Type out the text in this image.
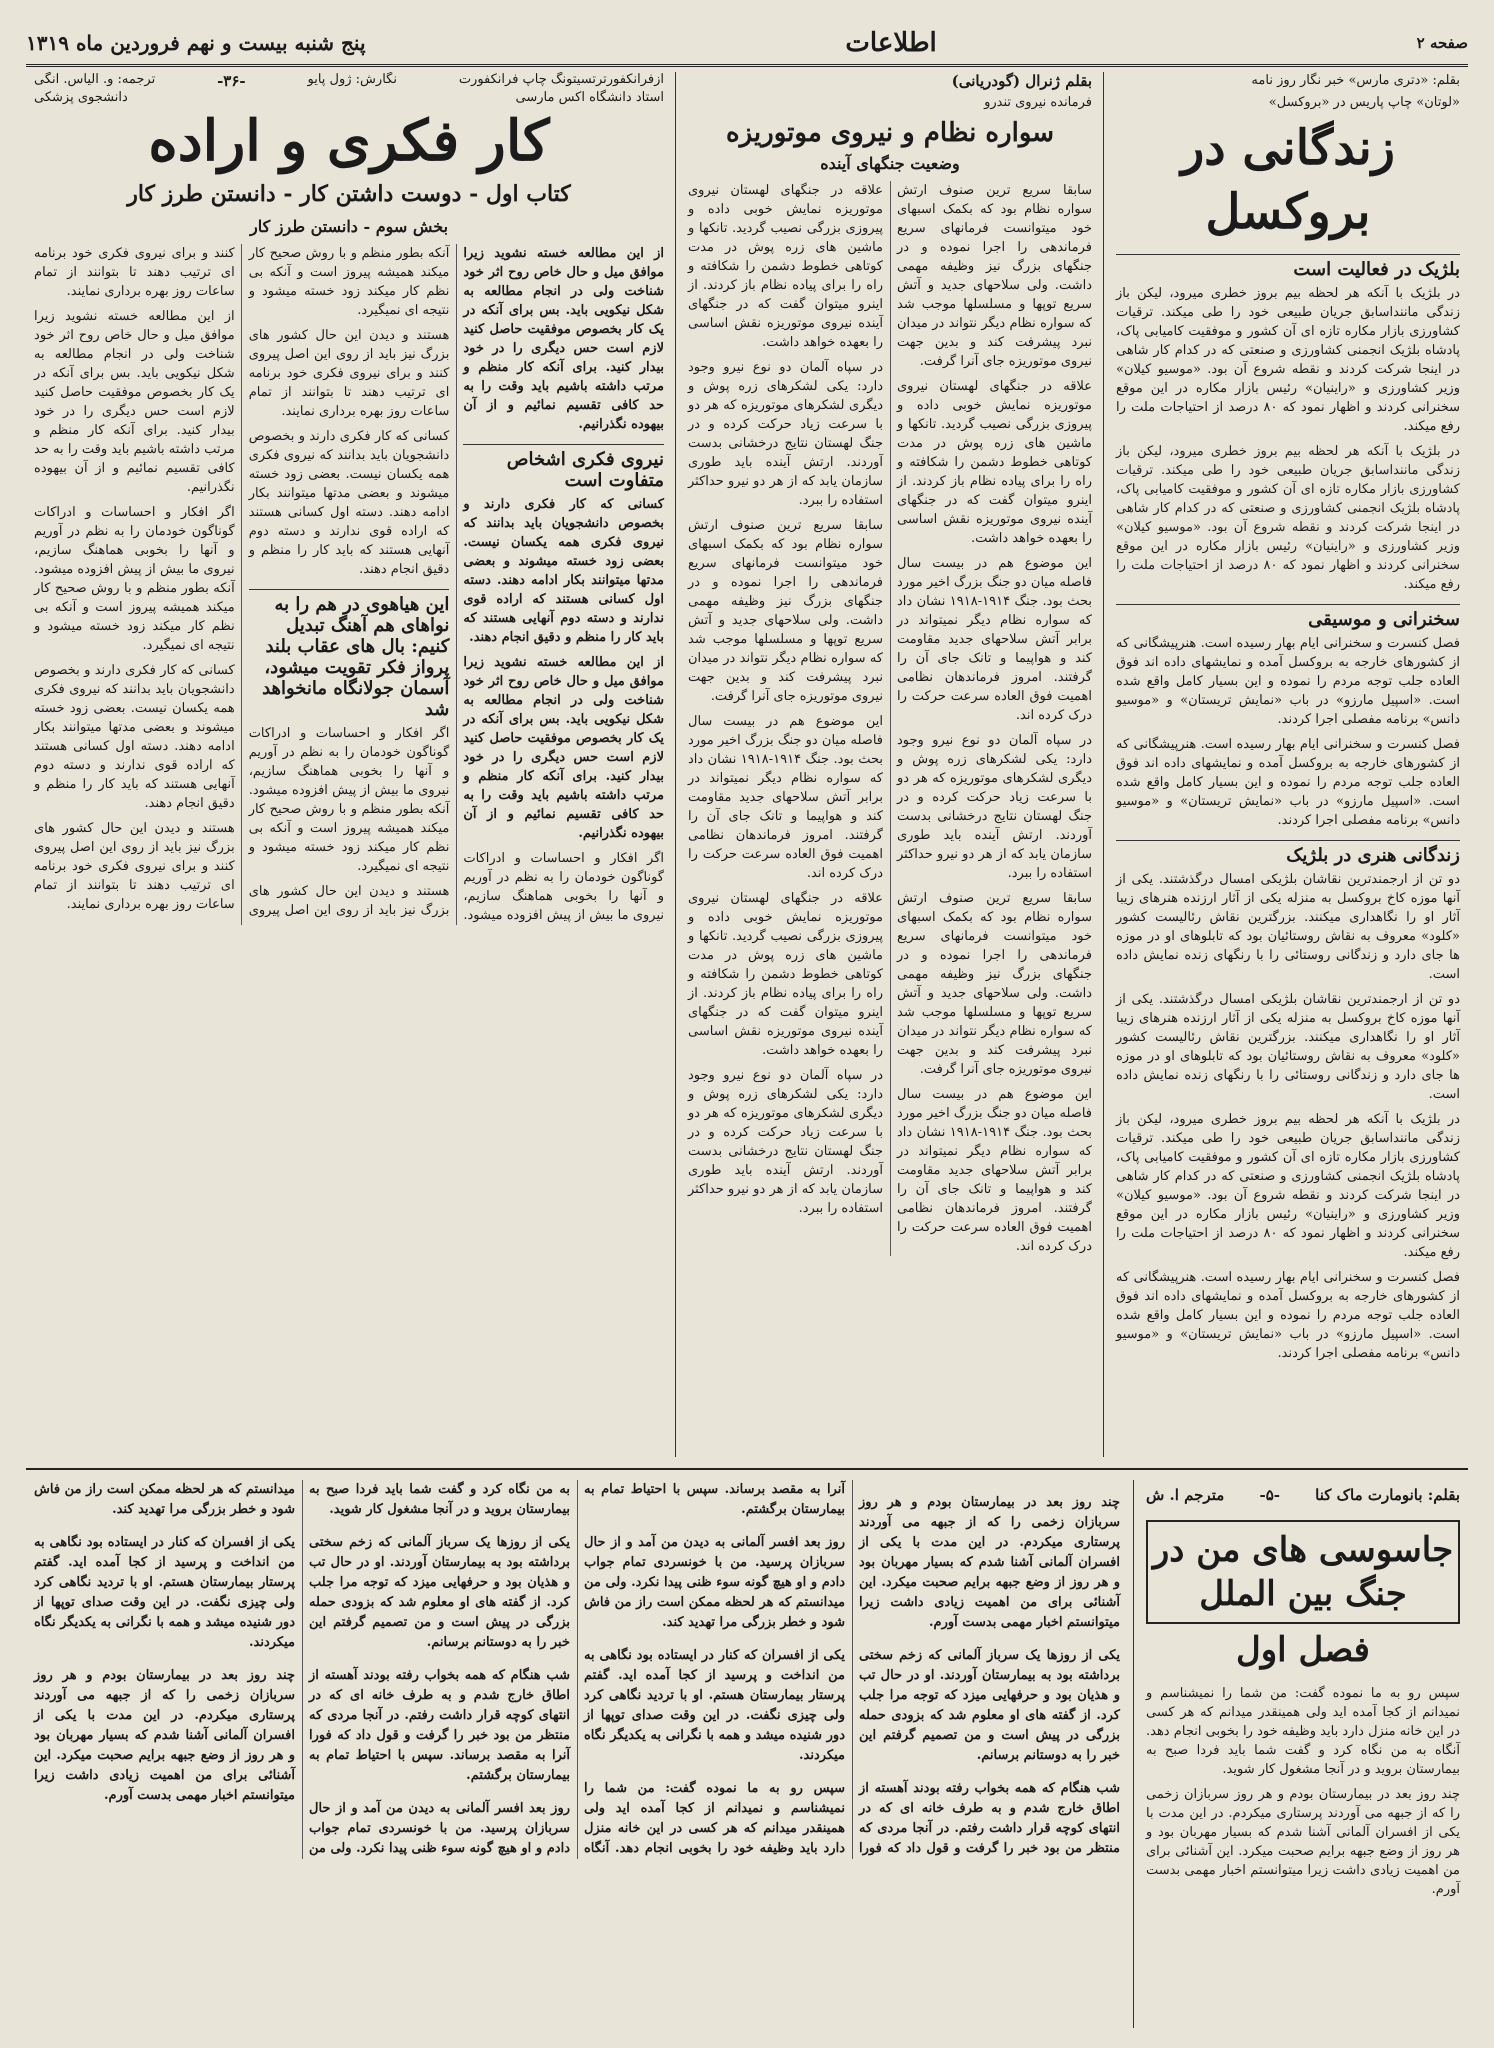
صفحه ۲
اطلاعات
پنج شنبه بیست و نهم فروردین ماه ۱۳۱۹
بقلم: «دتری مارس» خبر نگار روز نامه
«لوتان» چاپ پاریس در «بروکسل»
زندگانی در بروکسل
بلژیک در فعالیت است

در بلژیک با آنکه هر لحظه بیم بروز خطری میرود، لیکن باز زندگی ماننداسابق جریان طبیعی خود را طی میکند. ترقیات کشاورزی بازار مکاره تازه ای آن کشور و موفقیت کامیابی پاک، پادشاه بلژیک انجمنی کشاورزی و صنعتی که در کدام کار شاهی در اینجا شرکت کردند و نقطه شروع آن بود. «موسیو کیلان» وزیر کشاورزی و «راینیان» رئیس بازار مکاره در این موقع سخنرانی کردند و اظهار نمود که ۸۰ درصد از احتیاجات ملت را رفع میکند.

در بلژیک با آنکه هر لحظه بیم بروز خطری میرود، لیکن باز زندگی ماننداسابق جریان طبیعی خود را طی میکند. ترقیات کشاورزی بازار مکاره تازه ای آن کشور و موفقیت کامیابی پاک، پادشاه بلژیک انجمنی کشاورزی و صنعتی که در کدام کار شاهی در اینجا شرکت کردند و نقطه شروع آن بود. «موسیو کیلان» وزیر کشاورزی و «راینیان» رئیس بازار مکاره در این موقع سخنرانی کردند و اظهار نمود که ۸۰ درصد از احتیاجات ملت را رفع میکند.

سخنرانی و موسیقی

فصل کنسرت و سخنرانی ایام بهار رسیده است. هنرپیشگانی که از کشورهای خارجه به بروکسل آمده و نمایشهای داده اند فوق العاده جلب توجه مردم را نموده و این بسیار کامل واقع شده است. «اسپیل مارزو» در باب «نمایش تریستان» و «موسیو دانس» برنامه مفصلی اجرا کردند.

فصل کنسرت و سخنرانی ایام بهار رسیده است. هنرپیشگانی که از کشورهای خارجه به بروکسل آمده و نمایشهای داده اند فوق العاده جلب توجه مردم را نموده و این بسیار کامل واقع شده است. «اسپیل مارزو» در باب «نمایش تریستان» و «موسیو دانس» برنامه مفصلی اجرا کردند.

زندگانی هنری در بلژیک

دو تن از ارجمندترین نقاشان بلژیکی امسال درگذشتند. یکی از آنها موزه کاخ بروکسل به منزله یکی از آثار ارزنده هنرهای زیبا آثار او را نگاهداری میکنند. بزرگترین نقاش رئالیست کشور «کلود» معروف به نقاش روستائیان بود که تابلوهای او در موزه ها جای دارد و زندگانی روستائی را با رنگهای زنده نمایش داده است.

دو تن از ارجمندترین نقاشان بلژیکی امسال درگذشتند. یکی از آنها موزه کاخ بروکسل به منزله یکی از آثار ارزنده هنرهای زیبا آثار او را نگاهداری میکنند. بزرگترین نقاش رئالیست کشور «کلود» معروف به نقاش روستائیان بود که تابلوهای او در موزه ها جای دارد و زندگانی روستائی را با رنگهای زنده نمایش داده است.

در بلژیک با آنکه هر لحظه بیم بروز خطری میرود، لیکن باز زندگی ماننداسابق جریان طبیعی خود را طی میکند. ترقیات کشاورزی بازار مکاره تازه ای آن کشور و موفقیت کامیابی پاک، پادشاه بلژیک انجمنی کشاورزی و صنعتی که در کدام کار شاهی در اینجا شرکت کردند و نقطه شروع آن بود. «موسیو کیلان» وزیر کشاورزی و «راینیان» رئیس بازار مکاره در این موقع سخنرانی کردند و اظهار نمود که ۸۰ درصد از احتیاجات ملت را رفع میکند.

فصل کنسرت و سخنرانی ایام بهار رسیده است. هنرپیشگانی که از کشورهای خارجه به بروکسل آمده و نمایشهای داده اند فوق العاده جلب توجه مردم را نموده و این بسیار کامل واقع شده است. «اسپیل مارزو» در باب «نمایش تریستان» و «موسیو دانس» برنامه مفصلی اجرا کردند.

بقلم ژنرال (گودریانی)
فرمانده نیروی تندرو
سواره نظام و نیروی موتوریزه
وضعیت جنگهای آینده

سابقا سریع ترین صنوف ارتش سواره نظام بود که بکمک اسبهای خود میتوانست فرمانهای سریع فرماندهی را اجرا نموده و در جنگهای بزرگ نیز وظیفه مهمی داشت. ولی سلاحهای جدید و آتش سریع توپها و مسلسلها موجب شد که سواره نظام دیگر نتواند در میدان نبرد پیشرفت کند و بدین جهت نیروی موتوریزه جای آنرا گرفت.

علاقه در جنگهای لهستان نیروی موتوریزه نمایش خوبی داده و پیروزی بزرگی نصیب گردید. تانکها و ماشین های زره پوش در مدت کوتاهی خطوط دشمن را شکافته و راه را برای پیاده نظام باز کردند. از اینرو میتوان گفت که در جنگهای آینده نیروی موتوریزه نقش اساسی را بعهده خواهد داشت.

این موضوع هم در بیست سال فاصله میان دو جنگ بزرگ اخیر مورد بحث بود. جنگ ۱۹۱۴-۱۹۱۸ نشان داد که سواره نظام دیگر نمیتواند در برابر آتش سلاحهای جدید مقاومت کند و هواپیما و تانک جای آن را گرفتند. امروز فرماندهان نظامی اهمیت فوق العاده سرعت حرکت را درک کرده اند.

در سپاه آلمان دو نوع نیرو وجود دارد: یکی لشکرهای زره پوش و دیگری لشکرهای موتوریزه که هر دو با سرعت زیاد حرکت کرده و در جنگ لهستان نتایج درخشانی بدست آوردند. ارتش آینده باید طوری سازمان یابد که از هر دو نیرو حداکثر استفاده را ببرد.

سابقا سریع ترین صنوف ارتش سواره نظام بود که بکمک اسبهای خود میتوانست فرمانهای سریع فرماندهی را اجرا نموده و در جنگهای بزرگ نیز وظیفه مهمی داشت. ولی سلاحهای جدید و آتش سریع توپها و مسلسلها موجب شد که سواره نظام دیگر نتواند در میدان نبرد پیشرفت کند و بدین جهت نیروی موتوریزه جای آنرا گرفت.

این موضوع هم در بیست سال فاصله میان دو جنگ بزرگ اخیر مورد بحث بود. جنگ ۱۹۱۴-۱۹۱۸ نشان داد که سواره نظام دیگر نمیتواند در برابر آتش سلاحهای جدید مقاومت کند و هواپیما و تانک جای آن را گرفتند. امروز فرماندهان نظامی اهمیت فوق العاده سرعت حرکت را درک کرده اند.

علاقه در جنگهای لهستان نیروی موتوریزه نمایش خوبی داده و پیروزی بزرگی نصیب گردید. تانکها و ماشین های زره پوش در مدت کوتاهی خطوط دشمن را شکافته و راه را برای پیاده نظام باز کردند. از اینرو میتوان گفت که در جنگهای آینده نیروی موتوریزه نقش اساسی را بعهده خواهد داشت.

در سپاه آلمان دو نوع نیرو وجود دارد: یکی لشکرهای زره پوش و دیگری لشکرهای موتوریزه که هر دو با سرعت زیاد حرکت کرده و در جنگ لهستان نتایج درخشانی بدست آوردند. ارتش آینده باید طوری سازمان یابد که از هر دو نیرو حداکثر استفاده را ببرد.

سابقا سریع ترین صنوف ارتش سواره نظام بود که بکمک اسبهای خود میتوانست فرمانهای سریع فرماندهی را اجرا نموده و در جنگهای بزرگ نیز وظیفه مهمی داشت. ولی سلاحهای جدید و آتش سریع توپها و مسلسلها موجب شد که سواره نظام دیگر نتواند در میدان نبرد پیشرفت کند و بدین جهت نیروی موتوریزه جای آنرا گرفت.

این موضوع هم در بیست سال فاصله میان دو جنگ بزرگ اخیر مورد بحث بود. جنگ ۱۹۱۴-۱۹۱۸ نشان داد که سواره نظام دیگر نمیتواند در برابر آتش سلاحهای جدید مقاومت کند و هواپیما و تانک جای آن را گرفتند. امروز فرماندهان نظامی اهمیت فوق العاده سرعت حرکت را درک کرده اند.

علاقه در جنگهای لهستان نیروی موتوریزه نمایش خوبی داده و پیروزی بزرگی نصیب گردید. تانکها و ماشین های زره پوش در مدت کوتاهی خطوط دشمن را شکافته و راه را برای پیاده نظام باز کردند. از اینرو میتوان گفت که در جنگهای آینده نیروی موتوریزه نقش اساسی را بعهده خواهد داشت.

در سپاه آلمان دو نوع نیرو وجود دارد: یکی لشکرهای زره پوش و دیگری لشکرهای موتوریزه که هر دو با سرعت زیاد حرکت کرده و در جنگ لهستان نتایج درخشانی بدست آوردند. ارتش آینده باید طوری سازمان یابد که از هر دو نیرو حداکثر استفاده را ببرد.

ازفرانکفورترتسیتونگ چاپ فرانکفورت
نگارش: ژول پایو
-۳۶-
ترجمه: و. الیاس. انگی
استاد دانشگاه اکس مارسی
دانشجوی پزشکی
کار فکری و اراده
کتاب اول - دوست داشتن کار - دانستن طرز کار
بخش سوم - دانستن طرز کار

از این مطالعه خسته نشوید زیرا موافق میل و حال خاص روح اثر خود شناخت ولی در انجام مطالعه به شکل نیکویی باید. بس برای آنکه در یک کار بخصوص موفقیت حاصل کنید لازم است حس دیگری را در خود بیدار کنید. برای آنکه کار منظم و مرتب داشته باشیم باید وقت را به حد کافی تقسیم نمائیم و از آن بیهوده نگذرانیم.

نیروی فکری اشخاص متفاوت است

کسانی که کار فکری دارند و بخصوص دانشجویان باید بدانند که نیروی فکری همه یکسان نیست. بعضی زود خسته میشوند و بعضی مدتها میتوانند بکار ادامه دهند. دسته اول کسانی هستند که اراده قوی ندارند و دسته دوم آنهایی هستند که باید کار را منظم و دقیق انجام دهند.

از این مطالعه خسته نشوید زیرا موافق میل و حال خاص روح اثر خود شناخت ولی در انجام مطالعه به شکل نیکویی باید. بس برای آنکه در یک کار بخصوص موفقیت حاصل کنید لازم است حس دیگری را در خود بیدار کنید. برای آنکه کار منظم و مرتب داشته باشیم باید وقت را به حد کافی تقسیم نمائیم و از آن بیهوده نگذرانیم.

اگر افکار و احساسات و ادراکات گوناگون خودمان را به نظم در آوریم و آنها را بخوبی هماهنگ سازیم، نیروی ما بیش از پیش افزوده میشود. آنکه بطور منظم و با روش صحیح کار میکند همیشه پیروز است و آنکه بی نظم کار میکند زود خسته میشود و نتیجه ای نمیگیرد.

هستند و دیدن این حال کشور های بزرگ نیز باید از روی این اصل پیروی کنند و برای نیروی فکری خود برنامه ای ترتیب دهند تا بتوانند از تمام ساعات روز بهره برداری نمایند.

کسانی که کار فکری دارند و بخصوص دانشجویان باید بدانند که نیروی فکری همه یکسان نیست. بعضی زود خسته میشوند و بعضی مدتها میتوانند بکار ادامه دهند. دسته اول کسانی هستند که اراده قوی ندارند و دسته دوم آنهایی هستند که باید کار را منظم و دقیق انجام دهند.

این هیاهوی در هم را به نواهای هم آهنگ تبدیل کنیم: بال های عقاب بلند پرواز فکر تقویت میشود، آسمان جولانگاه مانخواهد شد

اگر افکار و احساسات و ادراکات گوناگون خودمان را به نظم در آوریم و آنها را بخوبی هماهنگ سازیم، نیروی ما بیش از پیش افزوده میشود. آنکه بطور منظم و با روش صحیح کار میکند همیشه پیروز است و آنکه بی نظم کار میکند زود خسته میشود و نتیجه ای نمیگیرد.

هستند و دیدن این حال کشور های بزرگ نیز باید از روی این اصل پیروی کنند و برای نیروی فکری خود برنامه ای ترتیب دهند تا بتوانند از تمام ساعات روز بهره برداری نمایند.

از این مطالعه خسته نشوید زیرا موافق میل و حال خاص روح اثر خود شناخت ولی در انجام مطالعه به شکل نیکویی باید. بس برای آنکه در یک کار بخصوص موفقیت حاصل کنید لازم است حس دیگری را در خود بیدار کنید. برای آنکه کار منظم و مرتب داشته باشیم باید وقت را به حد کافی تقسیم نمائیم و از آن بیهوده نگذرانیم.

اگر افکار و احساسات و ادراکات گوناگون خودمان را به نظم در آوریم و آنها را بخوبی هماهنگ سازیم، نیروی ما بیش از پیش افزوده میشود. آنکه بطور منظم و با روش صحیح کار میکند همیشه پیروز است و آنکه بی نظم کار میکند زود خسته میشود و نتیجه ای نمیگیرد.

کسانی که کار فکری دارند و بخصوص دانشجویان باید بدانند که نیروی فکری همه یکسان نیست. بعضی زود خسته میشوند و بعضی مدتها میتوانند بکار ادامه دهند. دسته اول کسانی هستند که اراده قوی ندارند و دسته دوم آنهایی هستند که باید کار را منظم و دقیق انجام دهند.

هستند و دیدن این حال کشور های بزرگ نیز باید از روی این اصل پیروی کنند و برای نیروی فکری خود برنامه ای ترتیب دهند تا بتوانند از تمام ساعات روز بهره برداری نمایند.

بقلم: بانومارت ماک کنا
-۵-
مترجم ا. ش
جاسوسی های من در جنگ بین الملل
فصل اول

سپس رو به ما نموده گفت: من شما را نمیشناسم و نمیدانم از کجا آمده اید ولی همینقدر میدانم که هر کسی در این خانه منزل دارد باید وظیفه خود را بخوبی انجام دهد. آنگاه به من نگاه کرد و گفت شما باید فردا صبح به بیمارستان بروید و در آنجا مشغول کار شوید.

چند روز بعد در بیمارستان بودم و هر روز سربازان زخمی را که از جبهه می آوردند پرستاری میکردم. در این مدت با یکی از افسران آلمانی آشنا شدم که بسیار مهربان بود و هر روز از وضع جبهه برایم صحبت میکرد. این آشنائی برای من اهمیت زیادی داشت زیرا میتوانستم اخبار مهمی بدست آورم.

چند روز بعد در بیمارستان بودم و هر روز سربازان زخمی را که از جبهه می آوردند پرستاری میکردم. در این مدت با یکی از افسران آلمانی آشنا شدم که بسیار مهربان بود و هر روز از وضع جبهه برایم صحبت میکرد. این آشنائی برای من اهمیت زیادی داشت زیرا میتوانستم اخبار مهمی بدست آورم.

یکی از روزها یک سرباز آلمانی که زخم سختی برداشته بود به بیمارستان آوردند. او در حال تب و هذیان بود و حرفهایی میزد که توجه مرا جلب کرد. از گفته های او معلوم شد که بزودی حمله بزرگی در پیش است و من تصمیم گرفتم این خبر را به دوستانم برسانم.

شب هنگام که همه بخواب رفته بودند آهسته از اطاق خارج شدم و به طرف خانه ای که در انتهای کوچه قرار داشت رفتم. در آنجا مردی که منتظر من بود خبر را گرفت و قول داد که فورا آنرا به مقصد برساند. سپس با احتیاط تمام به بیمارستان برگشتم.

روز بعد افسر آلمانی به دیدن من آمد و از حال سربازان پرسید. من با خونسردی تمام جواب دادم و او هیچ گونه سوء ظنی پیدا نکرد. ولی من میدانستم که هر لحظه ممکن است راز من فاش شود و خطر بزرگی مرا تهدید کند.

یکی از افسران که کنار در ایستاده بود نگاهی به من انداخت و پرسید از کجا آمده اید. گفتم پرستار بیمارستان هستم. او با تردید نگاهی کرد ولی چیزی نگفت. در این وقت صدای توپها از دور شنیده میشد و همه با نگرانی به یکدیگر نگاه میکردند.

سپس رو به ما نموده گفت: من شما را نمیشناسم و نمیدانم از کجا آمده اید ولی همینقدر میدانم که هر کسی در این خانه منزل دارد باید وظیفه خود را بخوبی انجام دهد. آنگاه به من نگاه کرد و گفت شما باید فردا صبح به بیمارستان بروید و در آنجا مشغول کار شوید.

یکی از روزها یک سرباز آلمانی که زخم سختی برداشته بود به بیمارستان آوردند. او در حال تب و هذیان بود و حرفهایی میزد که توجه مرا جلب کرد. از گفته های او معلوم شد که بزودی حمله بزرگی در پیش است و من تصمیم گرفتم این خبر را به دوستانم برسانم.

شب هنگام که همه بخواب رفته بودند آهسته از اطاق خارج شدم و به طرف خانه ای که در انتهای کوچه قرار داشت رفتم. در آنجا مردی که منتظر من بود خبر را گرفت و قول داد که فورا آنرا به مقصد برساند. سپس با احتیاط تمام به بیمارستان برگشتم.

روز بعد افسر آلمانی به دیدن من آمد و از حال سربازان پرسید. من با خونسردی تمام جواب دادم و او هیچ گونه سوء ظنی پیدا نکرد. ولی من میدانستم که هر لحظه ممکن است راز من فاش شود و خطر بزرگی مرا تهدید کند.

یکی از افسران که کنار در ایستاده بود نگاهی به من انداخت و پرسید از کجا آمده اید. گفتم پرستار بیمارستان هستم. او با تردید نگاهی کرد ولی چیزی نگفت. در این وقت صدای توپها از دور شنیده میشد و همه با نگرانی به یکدیگر نگاه میکردند.

چند روز بعد در بیمارستان بودم و هر روز سربازان زخمی را که از جبهه می آوردند پرستاری میکردم. در این مدت با یکی از افسران آلمانی آشنا شدم که بسیار مهربان بود و هر روز از وضع جبهه برایم صحبت میکرد. این آشنائی برای من اهمیت زیادی داشت زیرا میتوانستم اخبار مهمی بدست آورم.
